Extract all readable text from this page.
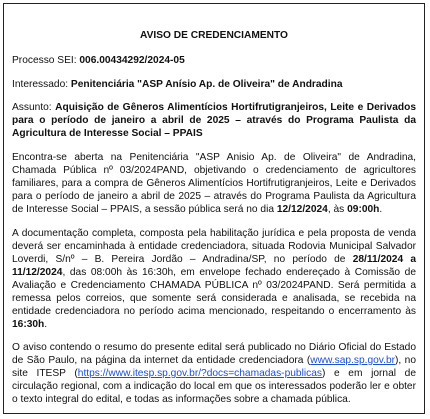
AVISO DE CREDENCIAMENTO
Processo SEI: 006.00434292/2024-05
Interessado: Penitenciária "ASP Anísio Ap. de Oliveira" de Andradina
Assunto: Aquisição de Gêneros Alimentícios Hortifrutigranjeiros, Leite e Derivados para o período de janeiro a abril de 2025 – através do Programa Paulista da Agricultura de Interesse Social – PPAIS
Encontra-se aberta na Penitenciária "ASP Anisio Ap. de Oliveira" de Andradina, Chamada Pública nº 03/2024PAND, objetivando o credenciamento de agricultores familiares, para a compra de Gêneros Alimentícios Hortifrutigranjeiros, Leite e Derivados para o período de janeiro a abril de 2025 – através do Programa Paulista da Agricultura de Interesse Social – PPAIS, a sessão pública será no dia 12/12/2024, às 09:00h.
A documentação completa, composta pela habilitação jurídica e pela proposta de venda deverá ser encaminhada à entidade credenciadora, situada Rodovia Municipal Salvador Loverdi, S/nº – B. Pereira Jordão – Andradina/SP, no período de 28/11/2024 a 11/12/2024, das 08:00h às 16:30h, em envelope fechado endereçado à Comissão de Avaliação e Credenciamento CHAMADA PÚBLICA nº 03/2024PAND. Será permitida a remessa pelos correios, que somente será considerada e analisada, se recebida na entidade credenciadora no período acima mencionado, respeitando o encerramento às 16:30h.
O aviso contendo o resumo do presente edital será publicado no Diário Oficial do Estado de São Paulo, na página da internet da entidade credenciadora (www.sap.sp.gov.br), no site ITESP (https://www.itesp.sp.gov.br/?docs=chamadas-publicas) e em jornal de circulação regional, com a indicação do local em que os interessados poderão ler e obter o texto integral do edital, e todas as informações sobre a chamada pública.
